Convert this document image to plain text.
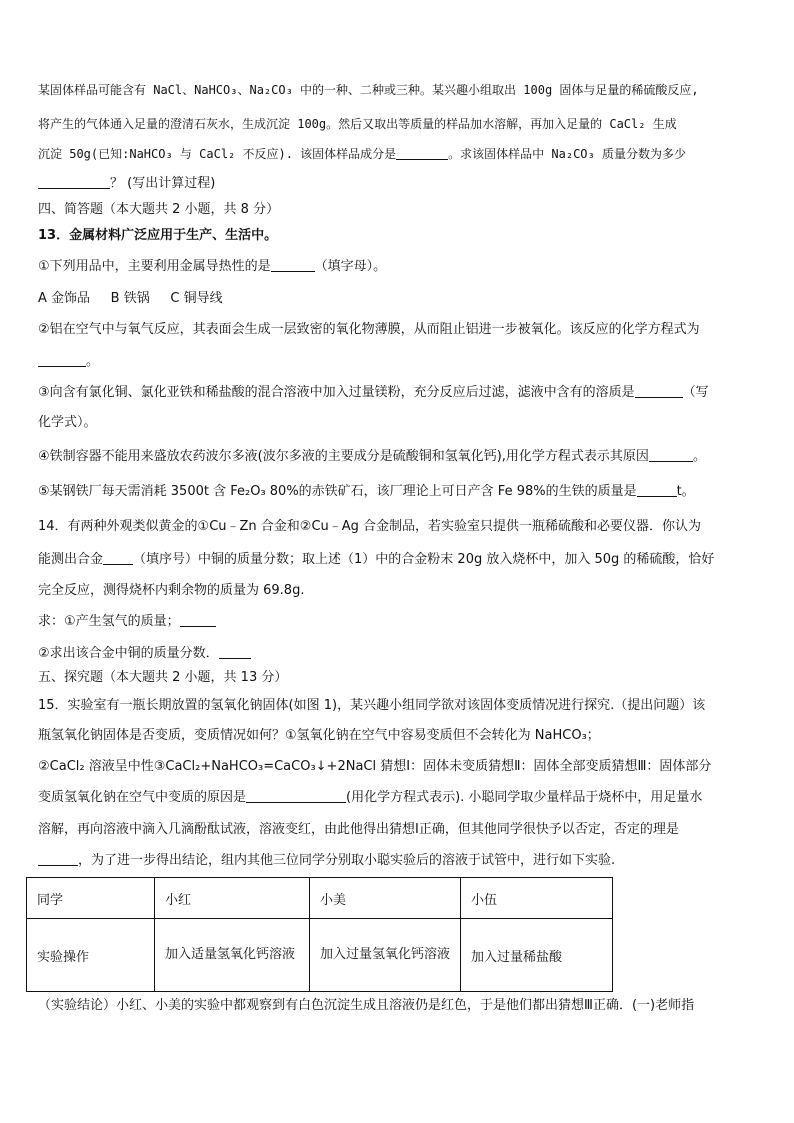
某固体样品可能含有 NaCl、NaHCO₃、Na₂CO₃ 中的一种、二种或三种。某兴趣小组取出 100g 固体与足量的稀硫酸反应,
将产生的气体通入足量的澄清石灰水，生成沉淀 100g。然后又取出等质量的样品加水溶解，再加入足量的 CaCl₂ 生成
沉淀 50g(已知:NaHCO₃ 与 CaCl₂ 不反应). 该固体样品成分是	。求该固体样品中 Na₂CO₃ 质量分数为多少
？ (写出计算过程)
四、简答题（本大题共 2 小题，共 8 分）
13．金属材料广泛应用于生产、生活中。
①下列用品中，主要利用金属导热性的是	（填字母）。
A 金饰品     B 铁锅     C 铜导线
②铝在空气中与氧气反应，其表面会生成一层致密的氧化物薄膜，从而阻止铝进一步被氧化。该反应的化学方程式为
。
③向含有氯化铜、氯化亚铁和稀盐酸的混合溶液中加入过量镁粉，充分反应后过滤，滤液中含有的溶质是	（写
化学式）。
④铁制容器不能用来盛放农药波尔多液(波尔多液的主要成分是硫酸铜和氢氧化钙),用化学方程式表示其原因	。
⑤某钢铁厂每天需消耗 3500t 含 Fe₂O₃ 80%的赤铁矿石，该厂理论上可日产含 Fe 98%的生铁的质量是	t。
14．有两种外观类似黄金的①Cu﹣Zn 合金和②Cu﹣Ag 合金制品，若实验室只提供一瓶稀硫酸和必要仪器．你认为
能测出合金 （填序号）中铜的质量分数；取上述（1）中的合金粉末 20g 放入烧杯中，加入 50g 的稀硫酸，恰好
完全反应，测得烧杯内剩余物的质量为 69.8g.
求：①产生氢气的质量；
②求出该合金中铜的质量分数．
五、探究题（本大题共 2 小题，共 13 分）
15．实验室有一瓶长期放置的氢氧化钠固体(如图 1)，某兴趣小组同学欲对该固体变质情况进行探究.（提出问题）该
瓶氢氧化钠固体是否变质，变质情况如何？①氢氧化钠在空气中容易变质但不会转化为 NaHCO₃；
②CaCl₂ 溶液呈中性③CaCl₂+NaHCO₃=CaCO₃↓+2NaCl 猜想Ⅰ：固体未变质猜想Ⅱ：固体全部变质猜想Ⅲ：固体部分
变质氢氧化钠在空气中变质的原因是	(用化学方程式表示). 小聪同学取少量样品于烧杯中，用足量水
溶解，再向溶液中滴入几滴酚酞试液，溶液变红，由此他得出猜想Ⅰ正确，但其他同学很快予以否定，否定的理是
，为了进一步得出结论，组内其他三位同学分别取小聪实验后的溶液于试管中，进行如下实验.
同学	小红	小美	小伍
实验操作	加入适量氢氧化钙溶液	加入过量氢氧化钙溶液	加入过量稀盐酸
（实验结论）小红、小美的实验中都观察到有白色沉淀生成且溶液仍是红色，于是他们都出猜想Ⅲ正确．(一)老师指
